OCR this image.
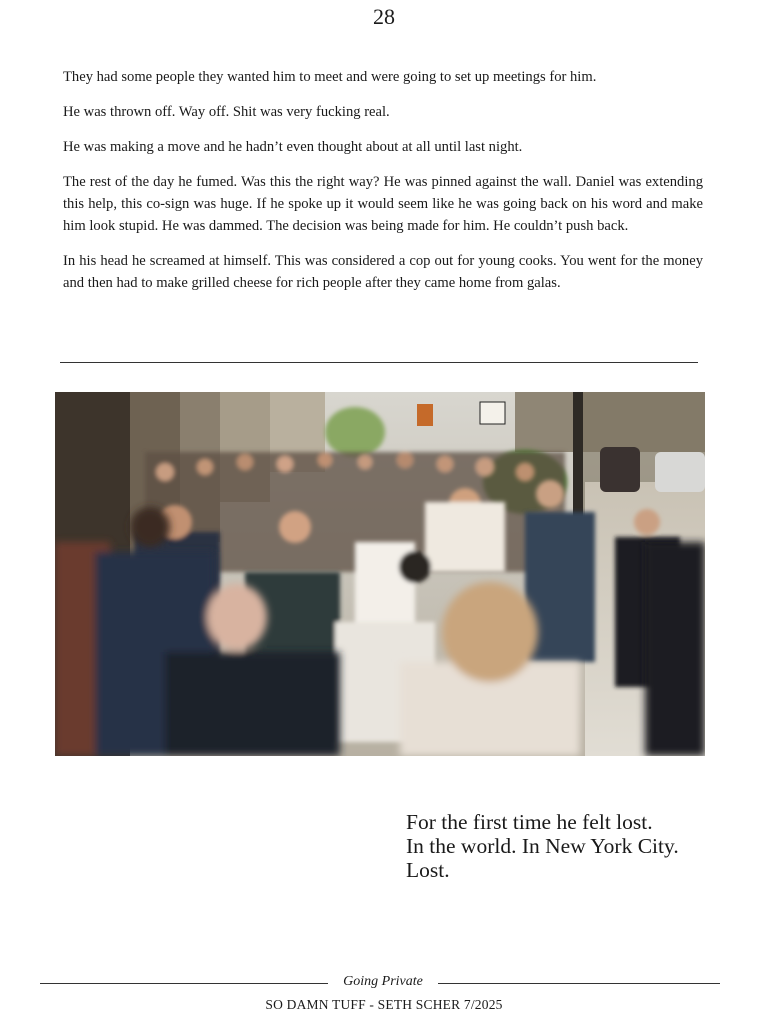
28

They had some people they wanted him to meet and were going to set up meetings for him.

He was thrown off. Way off. Shit was very fucking real.

He was making a move and he hadn’t even thought about at all until last night.

The rest of the day he fumed. Was this the right way? He was pinned against the wall. Daniel was extending this help, this co-sign was huge. If he spoke up it would seem like he was going back on his word and make him look stupid. He was dammed. The decision was being made for him. He couldn’t push back.

In his head he screamed at himself. This was considered a cop out for young cooks. You went for the money and then had to make grilled cheese for rich people after they came home from galas.

For the first time he felt lost.
In the world. In New York City.
Lost.
Going Private
SO DAMN TUFF - SETH SCHER 7/2025
